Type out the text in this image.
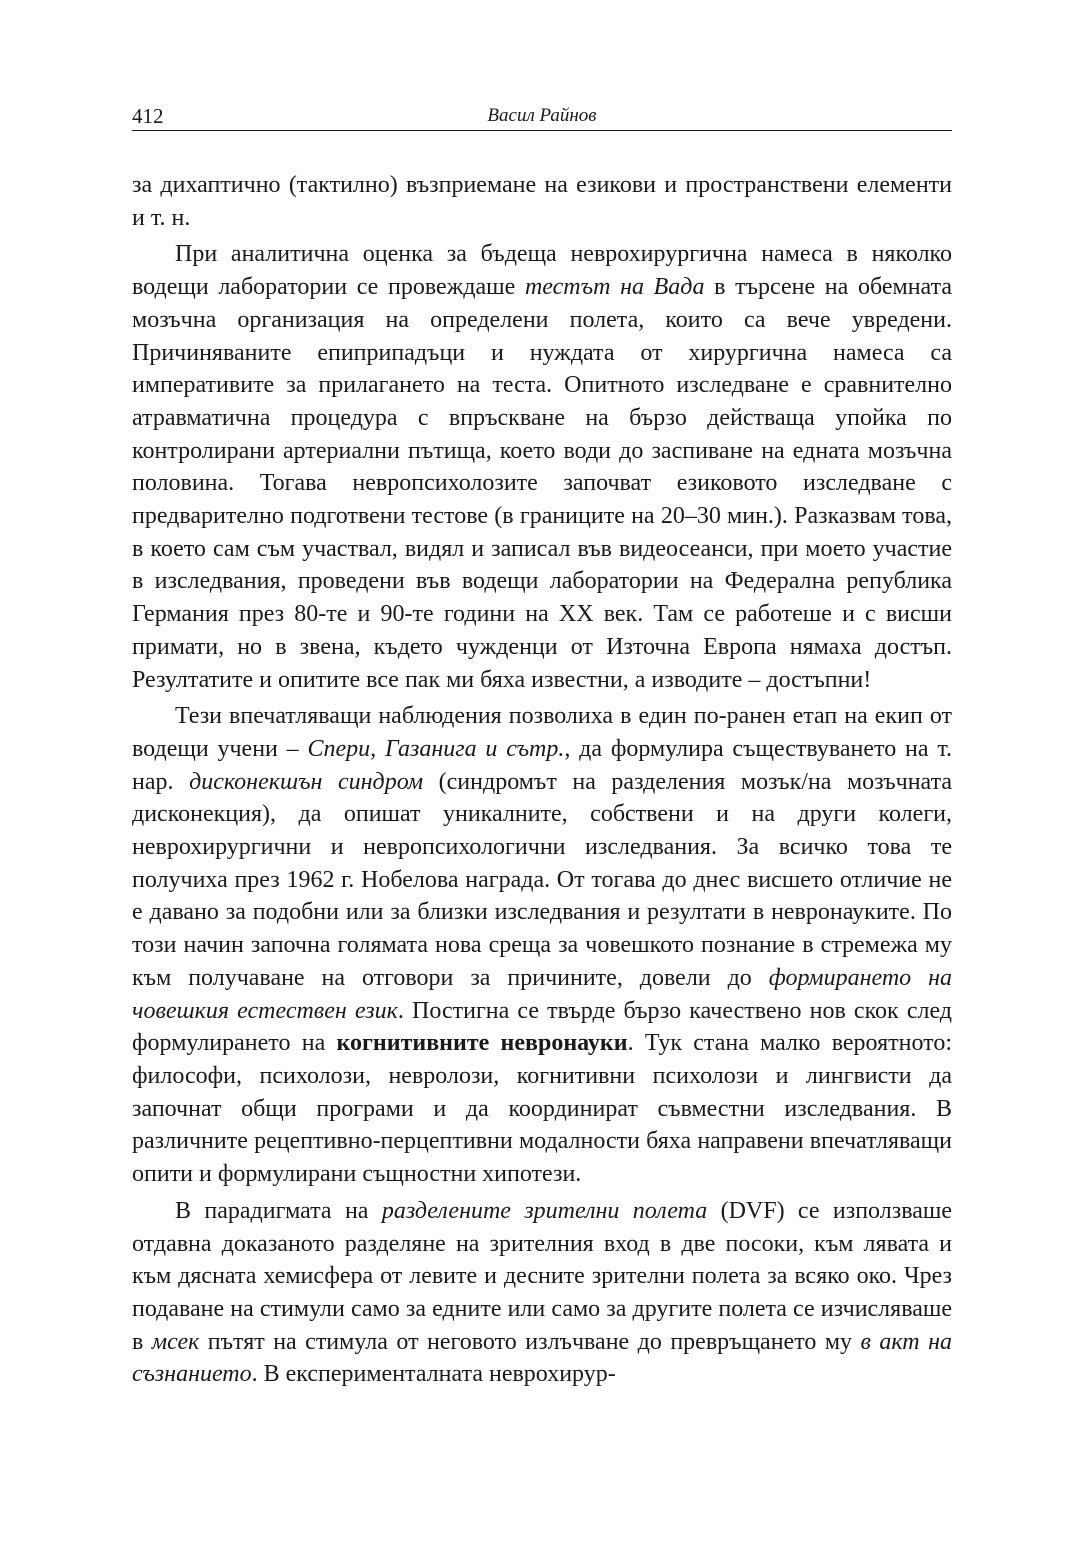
412	Васил Райнов

за дихаптично (тактилно) възприемане на езикови и пространствени елементи и т. н.

При аналитична оценка за бъдеща неврохирургична намеса в няколко водещи лаборатории се провеждаше тестът на Вада в търсене на обемната мозъчна организация на определени полета, които са вече увредени. Причиняваните епиприпадъци и нуждата от хирургична намеса са императивите за прилагането на теста. Опитното изследване е сравнително атравматична процедура с впръскване на бързо действаща упойка по контролирани артериални пътища, което води до заспиване на едната мозъчна половина. Тогава невропсихолозите започват езиковото изследване с предварително подготвени тестове (в границите на 20–30 мин.). Разказвам това, в което сам съм участвал, видял и записал във видеосеанси, при моето участие в изследвания, проведени във водещи лаборатории на Федерална република Германия през 80-те и 90-те години на XX век. Там се работеше и с висши примати, но в звена, където чужденци от Източна Европа нямаха достъп. Резултатите и опитите все пак ми бяха известни, а изводите – достъпни!

Тези впечатляващи наблюдения позволиха в един по-ранен етап на екип от водещи учени – Спери, Газанига и сътр., да формулира съществуването на т. нар. дисконекшън синдром (синдромът на разделения мозък/на мозъчната дисконекция), да опишат уникалните, собствени и на други колеги, неврохирургични и невропсихологични изследвания. За всичко това те получиха през 1962 г. Нобелова награда. От тогава до днес висшето отличие не е давано за подобни или за близки изследвания и резултати в невронауките. По този начин започна голямата нова среща за човешкото познание в стремежа му към получаване на отговори за причините, довели до формирането на човешкия естествен език. Постигна се твърде бързо качествено нов скок след формулирането на когнитивните невронауки. Тук стана малко вероятното: философи, психолози, невролози, когнитивни психолози и лингвисти да започнат общи програми и да координират съвместни изследвания. В различните рецептивно-перцептивни модалности бяха направени впечатляващи опити и формулирани същностни хипотези.

В парадигмата на разделените зрителни полета (DVF) се използваше отдавна доказаното разделяне на зрителния вход в две посоки, към лявата и към дясната хемисфера от левите и десните зрителни полета за всяко око. Чрез подаване на стимули само за едните или само за другите полета се изчисляваше в мсек пътят на стимула от неговото излъчване до превръщането му в акт на съзнанието. В експерименталната неврохирур-
